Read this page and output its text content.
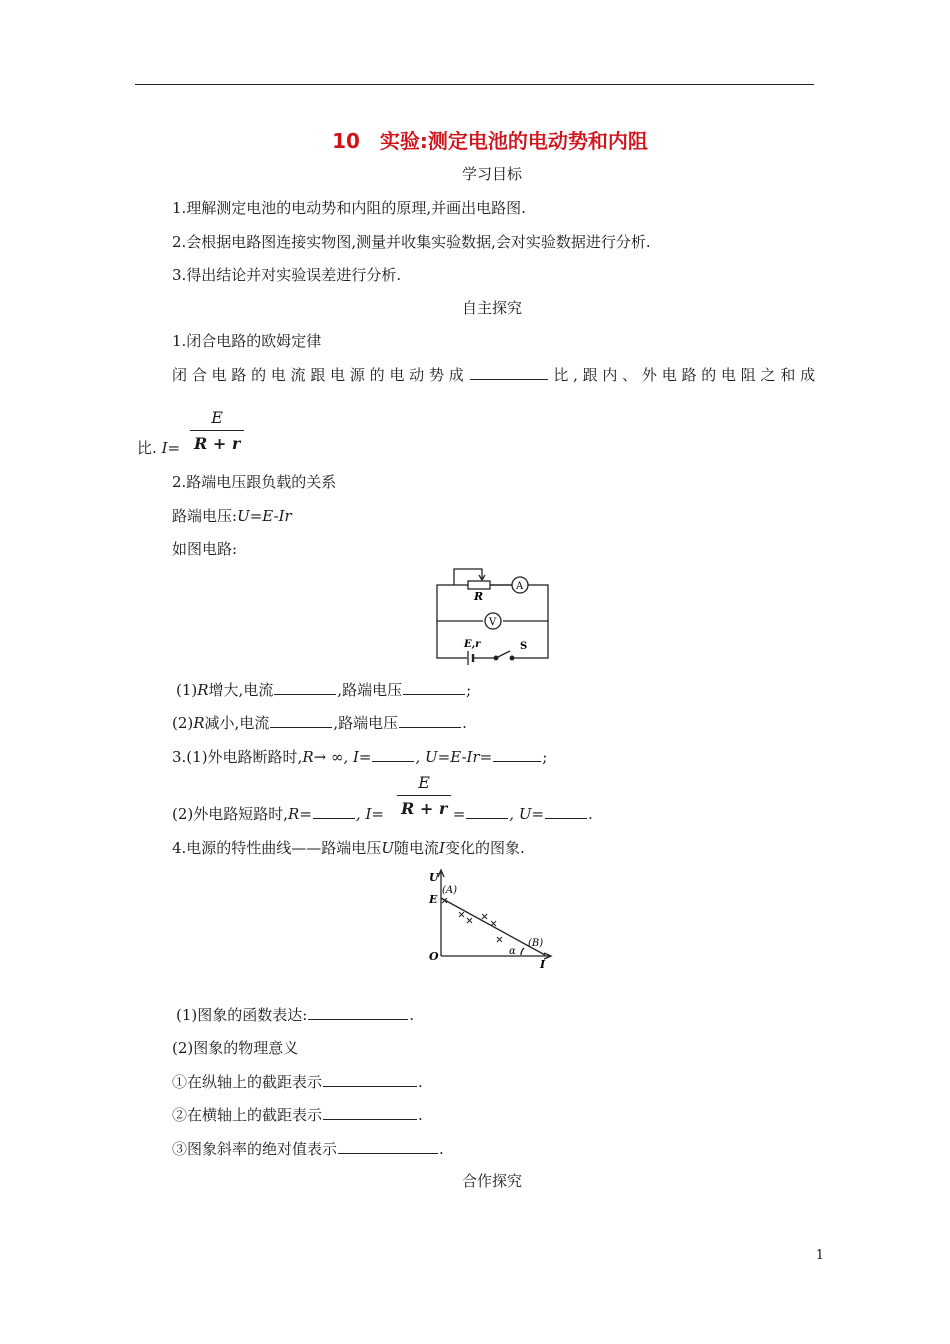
10　实验:测定电池的电动势和内阻
学习目标
1.理解测定电池的电动势和内阻的原理,并画出电路图.
2.会根据电路图连接实物图,测量并收集实验数据,会对实验数据进行分析.
3.得出结论并对实验误差进行分析.
自主探究
1.闭合电路的欧姆定律
闭 合 电 路 的 电 流 跟 电 源 的 电 动 势 成	比 , 跟 内 、 外 电 路 的 电 阻 之 和 成
比. $I= \frac{E}{R + r}$
2.路端电压跟负载的关系
路端电压:U=E-Ir
如图电路:
R
A
V
E,r	S
(1)R增大,电流	,路端电压	;
(2)R减小,电流	,路端电压	.
3.(1)外电路断路时,R→ ∞, I=	, U=E-Ir=	;
$\frac{E}{R + r}$
(2)外电路短路时,R=	, I=	=	, U=	.
4.电源的特性曲线——路端电压U随电流I变化的图象.
U
(A)
E
O	α
(B)
I
(1)图象的函数表达:	.
(2)图象的物理意义
①在纵轴上的截距表示	.
②在横轴上的截距表示	.
③图象斜率的绝对值表示	.
合作探究
1
